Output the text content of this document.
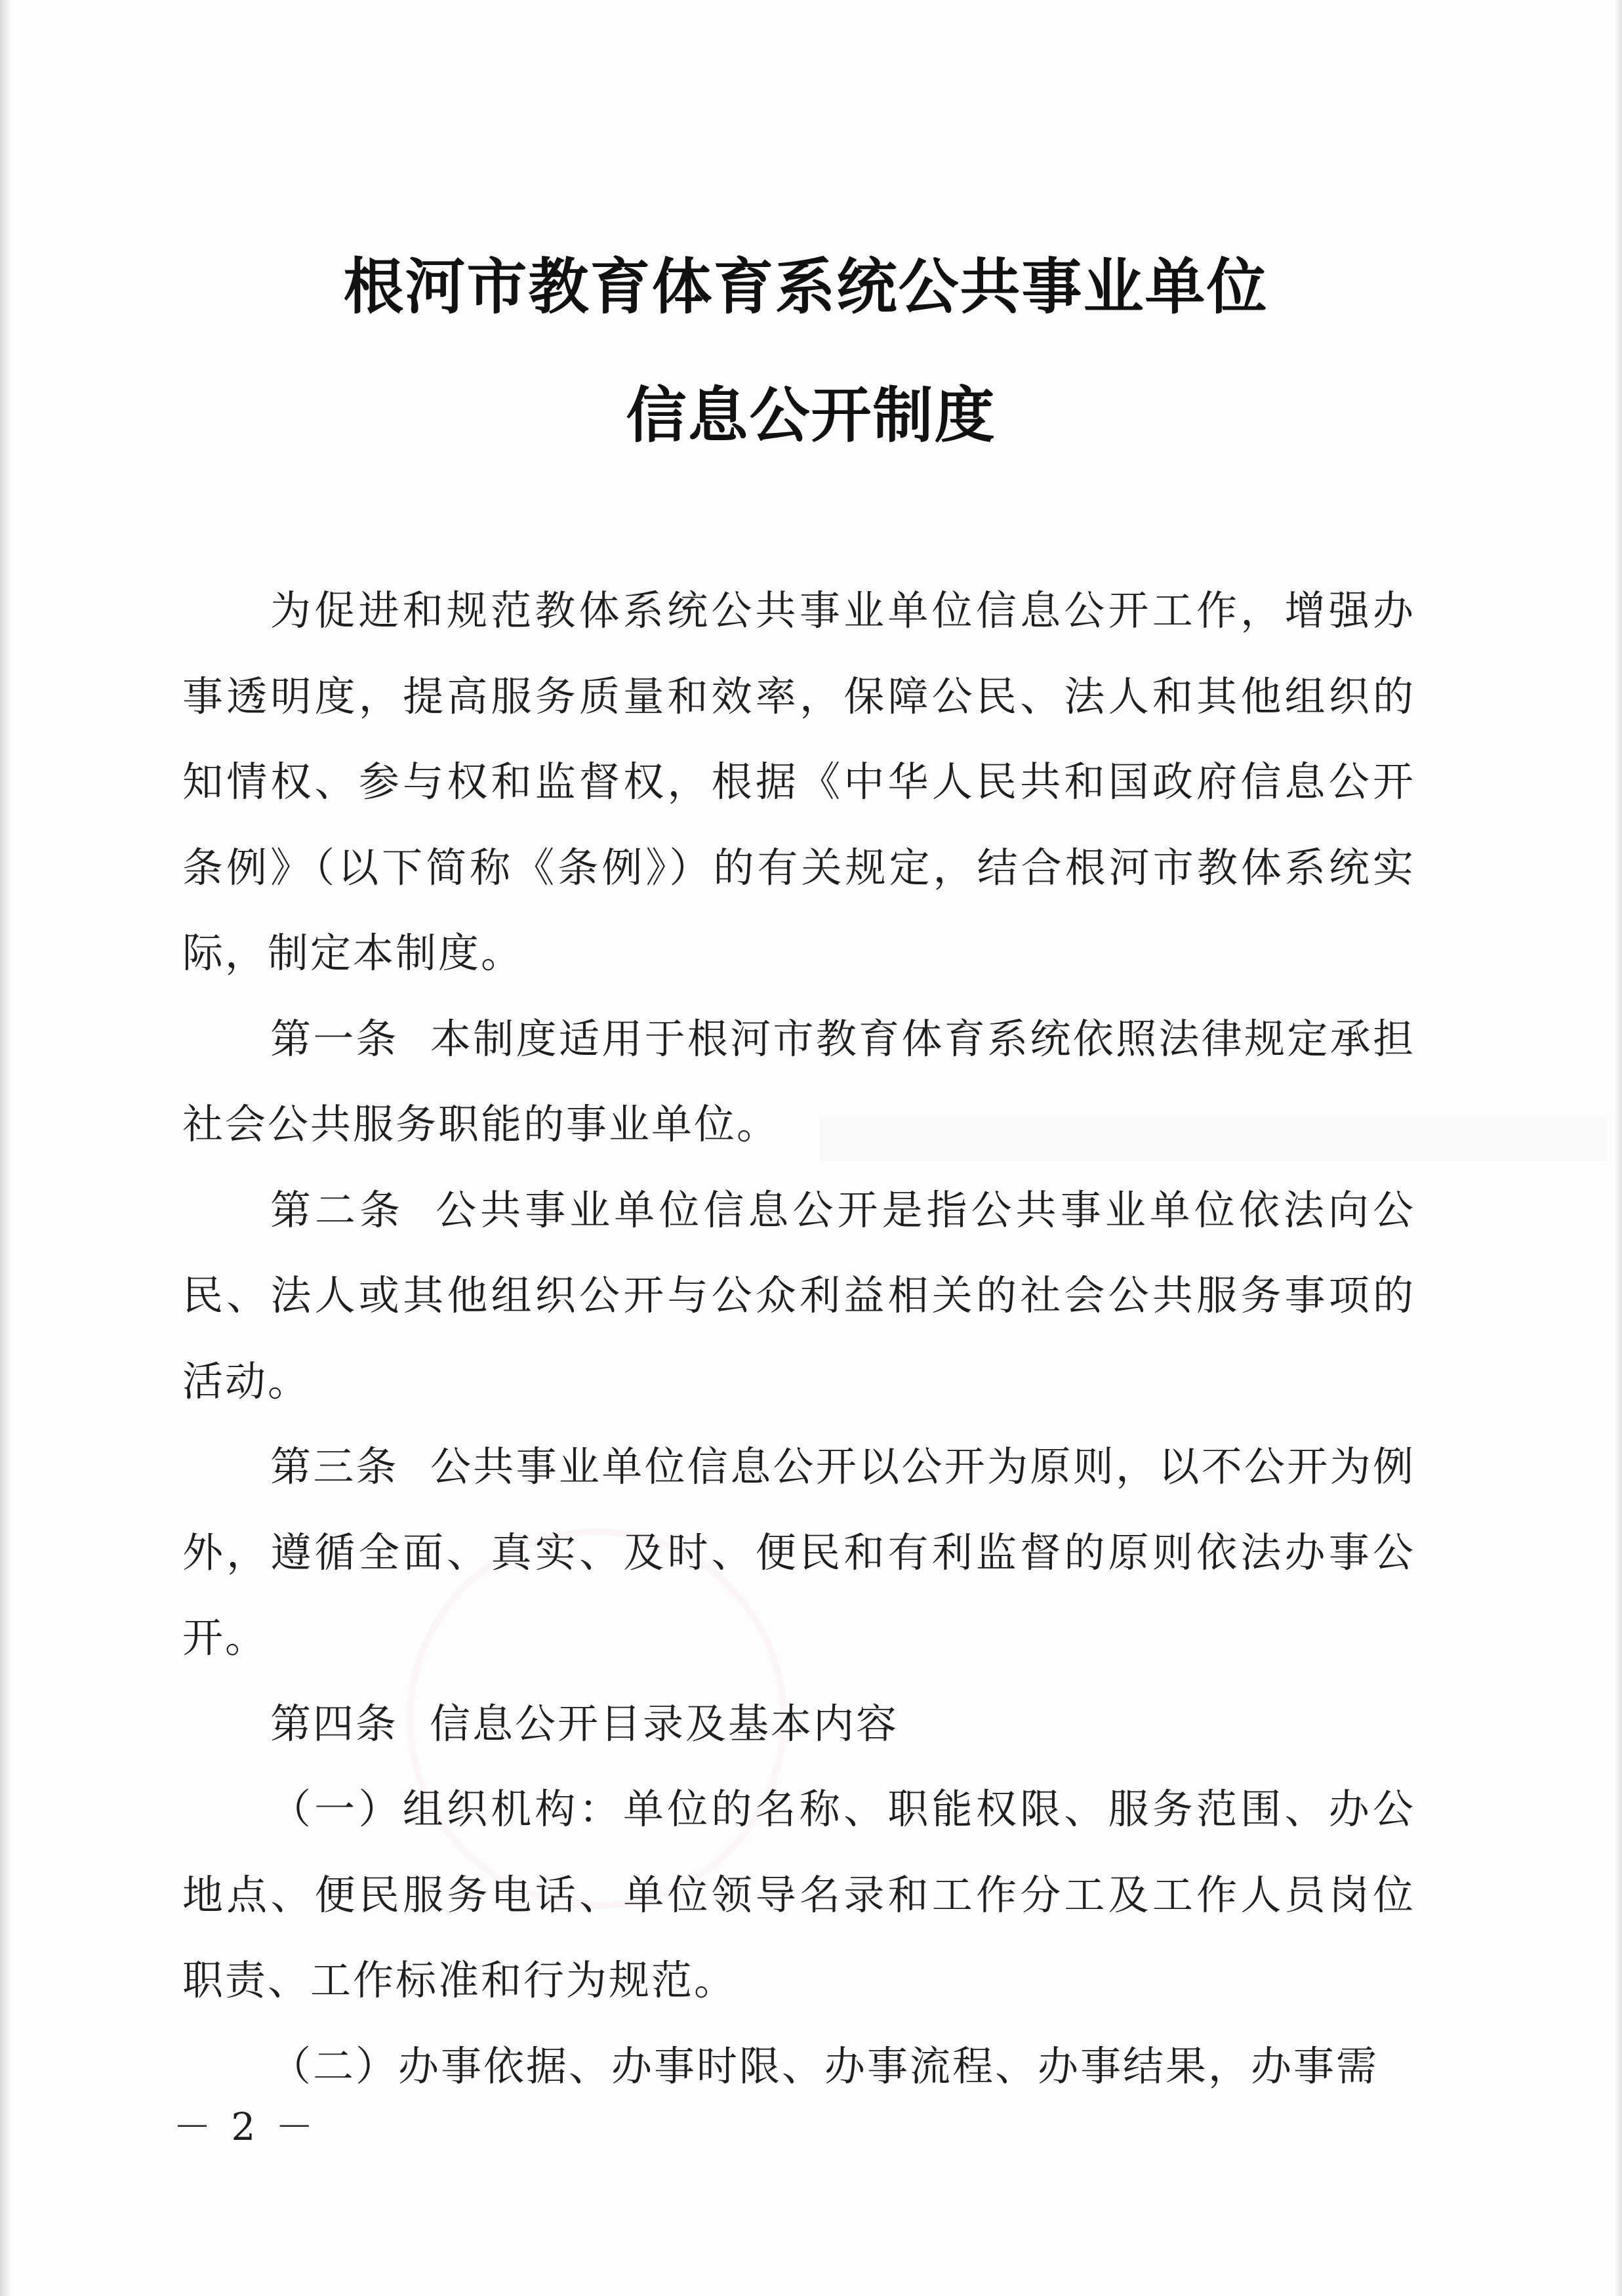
根河市教育体育系统公共事业单位
信息公开制度

为促进和规范教体系统公共事业单位信息公开工作，增强办事透明度，提高服务质量和效率，保障公民、法人和其他组织的知情权、参与权和监督权，根据《中华人民共和国政府信息公开条例》（以下简称《条例》）的有关规定，结合根河市教体系统实际，制定本制度。

第一条 本制度适用于根河市教育体育系统依照法律规定承担社会公共服务职能的事业单位。

第二条 公共事业单位信息公开是指公共事业单位依法向公民、法人或其他组织公开与公众利益相关的社会公共服务事项的活动。

第三条 公共事业单位信息公开以公开为原则，以不公开为例外，遵循全面、真实、及时、便民和有利监督的原则依法办事公开。

第四条 信息公开目录及基本内容

（一）组织机构：单位的名称、职能权限、服务范围、办公地点、便民服务电话、单位领导名录和工作分工及工作人员岗位职责、工作标准和行为规范。

（二）办事依据、办事时限、办事流程、办事结果，办事需

－ 2 －
